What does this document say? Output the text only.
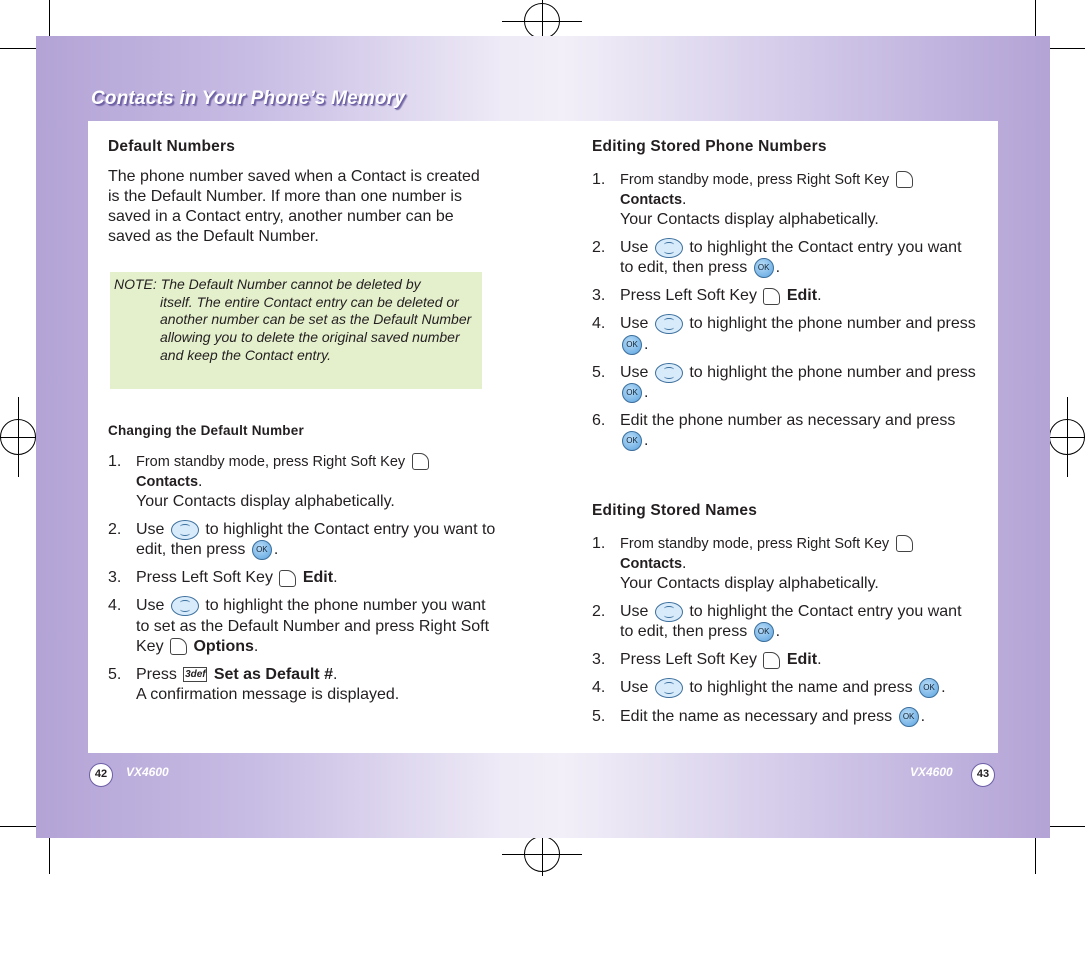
Contacts in Your Phone’s Memory
Default Numbers
The phone number saved when a Contact is created is the Default Number. If more than one number is saved in a Contact entry, another number can be saved as the Default Number.
NOTE: The Default Number cannot be deleted by
itself. The entire Contact entry can be deleted or another number can be set as the Default Number allowing you to delete the original saved number and keep the Contact entry.
Changing the Default Number
1. From standby mode, press Right Soft Key
Contacts.
Your Contacts display alphabetically.
2. Use	to highlight the Contact entry you want to edit, then press OK .
3. Press Left Soft Key Edit.
4. Use	to highlight the phone number you want to set as the Default Number and press Right Soft Key Options.
5. Press 3def Set as Default #.
A confirmation message is displayed.
Editing Stored Phone Numbers
1. From standby mode, press Right Soft Key
Contacts.
Your Contacts display alphabetically.
2. Use	to highlight the Contact entry you want to edit, then press OK .
3. Press Left Soft Key Edit.
4. Use	to highlight the phone number and press OK .
5. Use	to highlight the phone number and press OK .
6. Edit the phone number as necessary and press OK .
Editing Stored Names
1. From standby mode, press Right Soft Key
Contacts.
Your Contacts display alphabetically.
2. Use	to highlight the Contact entry you want to edit, then press OK .
3. Press Left Soft Key Edit.
4. Use	to highlight the name and press OK .
5. Edit the name as necessary and press OK .
42	VX4600	VX4600	43
